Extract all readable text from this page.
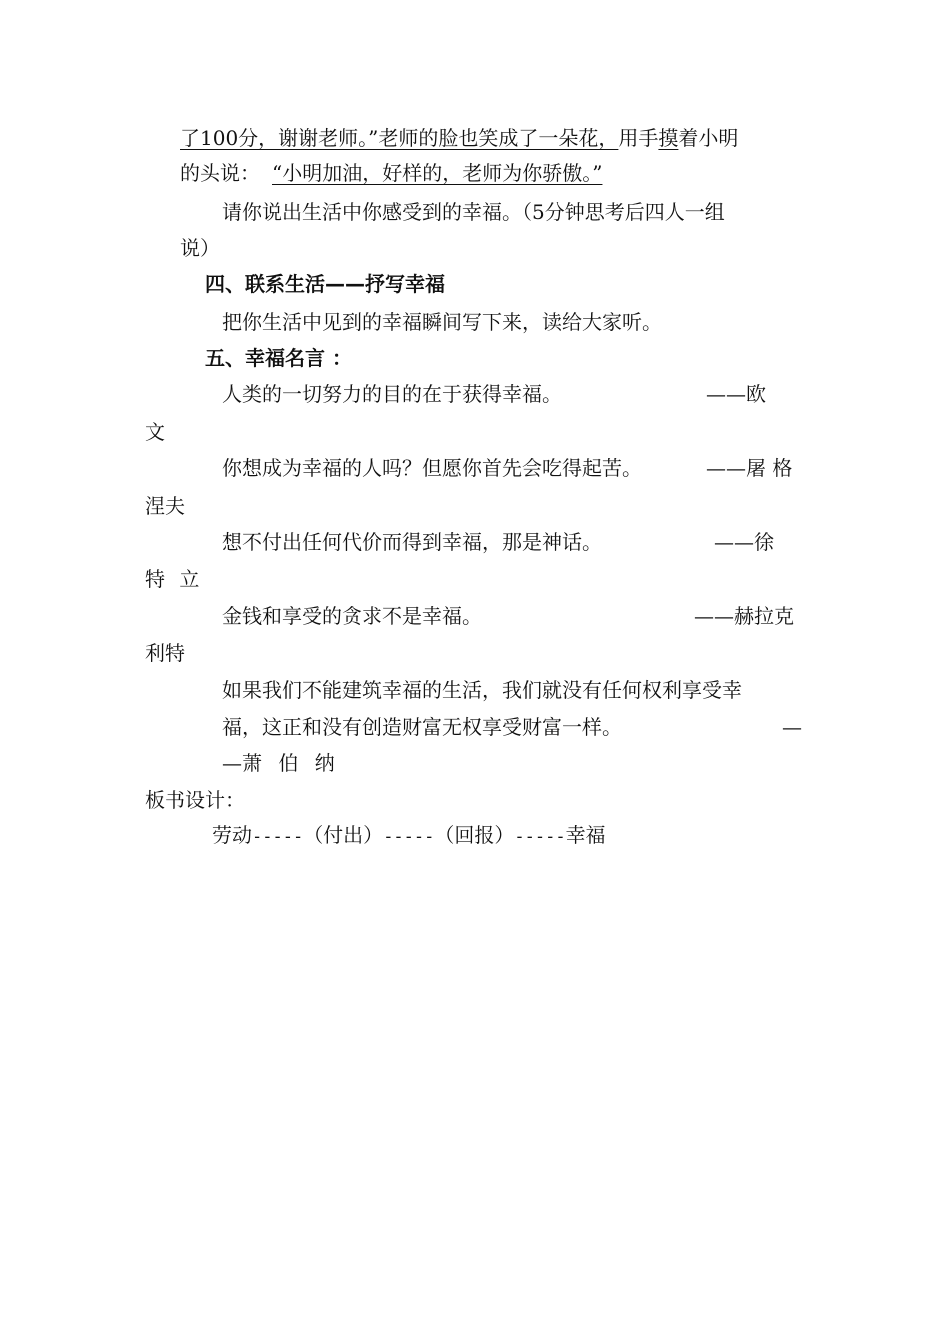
了100分，谢谢老师。”老师的脸也笑成了一朵花，用手摸着小明
的头说： “小明加油，好样的，老师为你骄傲。”
请你说出生活中你感受到的幸福。（5分钟思考后四人一组
说）
四、联系生活——抒写幸福
把你生活中见到的幸福瞬间写下来，读给大家听。
五、幸福名言 ：
人类的一切努力的目的在于获得幸福。	——欧
文
你想成为幸福的人吗？但愿你首先会吃得起苦。	——屠 格
涅夫
想不付出任何代价而得到幸福，那是神话。	——徐
特 立
金钱和享受的贪求不是幸福。	——赫拉克
利特
如果我们不能建筑幸福的生活，我们就没有任何权利享受幸
福，这正和没有创造财富无权享受财富一样。	—
—萧 伯 纳
板书设计：
劳动-----（付出）-----（回报）-----幸福
